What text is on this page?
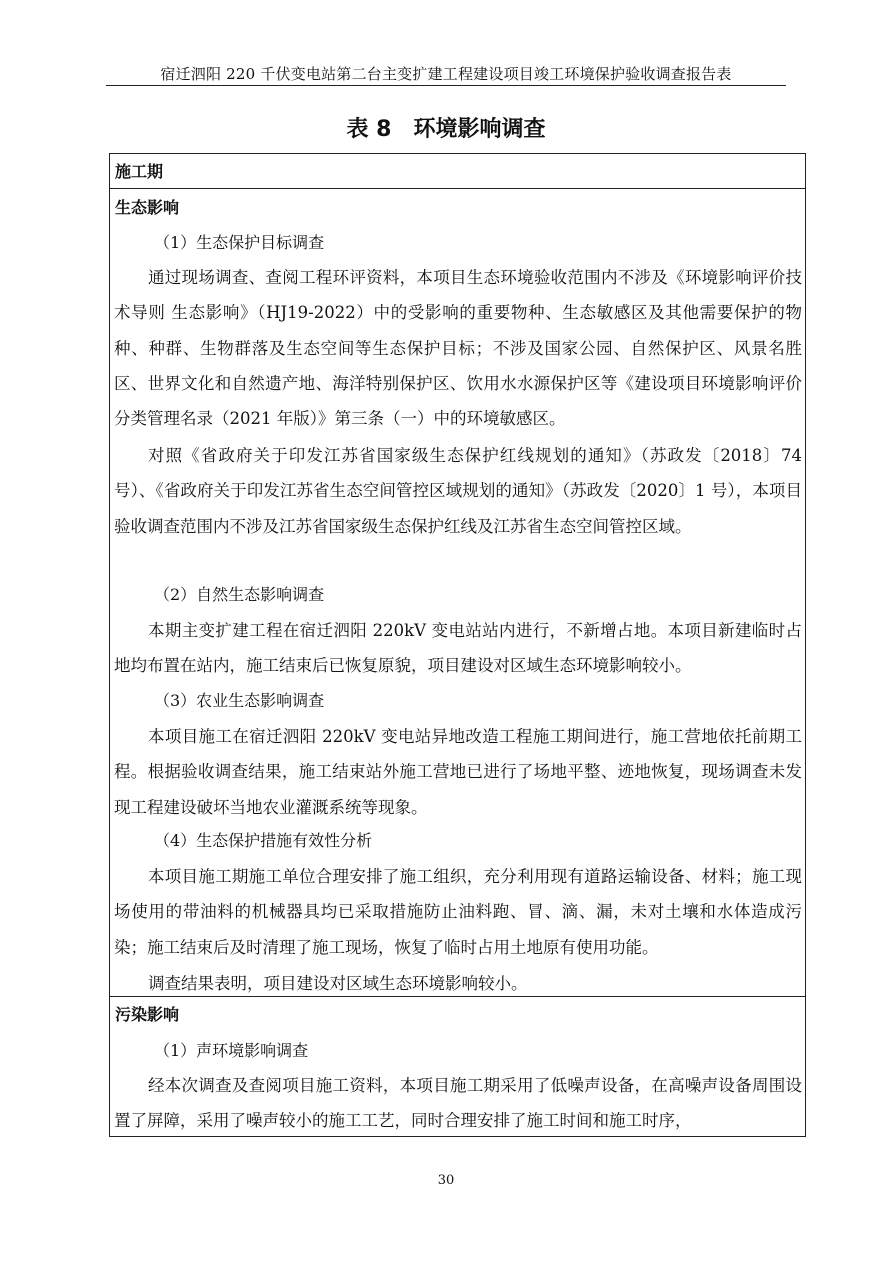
宿迁泗阳 220 千伏变电站第二台主变扩建工程建设项目竣工环境保护验收调查报告表
表 8　环境影响调查
施工期
生态影响
（1）生态保护目标调查
通过现场调查、查阅工程环评资料，本项目生态环境验收范围内不涉及《环境影响评价技术导则 生态影响》（HJ19-2022）中的受影响的重要物种、生态敏感区及其他需要保护的物种、种群、生物群落及生态空间等生态保护目标；不涉及国家公园、自然保护区、风景名胜区、世界文化和自然遗产地、海洋特别保护区、饮用水水源保护区等《建设项目环境影响评价分类管理名录（2021 年版）》第三条（一）中的环境敏感区。
对照《省政府关于印发江苏省国家级生态保护红线规划的通知》（苏政发〔2018〕74 号）、《省政府关于印发江苏省生态空间管控区域规划的通知》（苏政发〔2020〕1 号），本项目验收调查范围内不涉及江苏省国家级生态保护红线及江苏省生态空间管控区域。
（2）自然生态影响调查
本期主变扩建工程在宿迁泗阳 220kV 变电站站内进行，不新增占地。本项目新建临时占地均布置在站内，施工结束后已恢复原貌，项目建设对区域生态环境影响较小。
（3）农业生态影响调查
本项目施工在宿迁泗阳 220kV 变电站异地改造工程施工期间进行，施工营地依托前期工程。根据验收调查结果，施工结束站外施工营地已进行了场地平整、迹地恢复，现场调查未发现工程建设破坏当地农业灌溉系统等现象。
（4）生态保护措施有效性分析
本项目施工期施工单位合理安排了施工组织，充分利用现有道路运输设备、材料；施工现场使用的带油料的机械器具均已采取措施防止油料跑、冒、滴、漏，未对土壤和水体造成污染；施工结束后及时清理了施工现场，恢复了临时占用土地原有使用功能。
调查结果表明，项目建设对区域生态环境影响较小。
污染影响
（1）声环境影响调查
经本次调查及查阅项目施工资料，本项目施工期采用了低噪声设备，在高噪声设备周围设置了屏障，采用了噪声较小的施工工艺，同时合理安排了施工时间和施工时序，
30
